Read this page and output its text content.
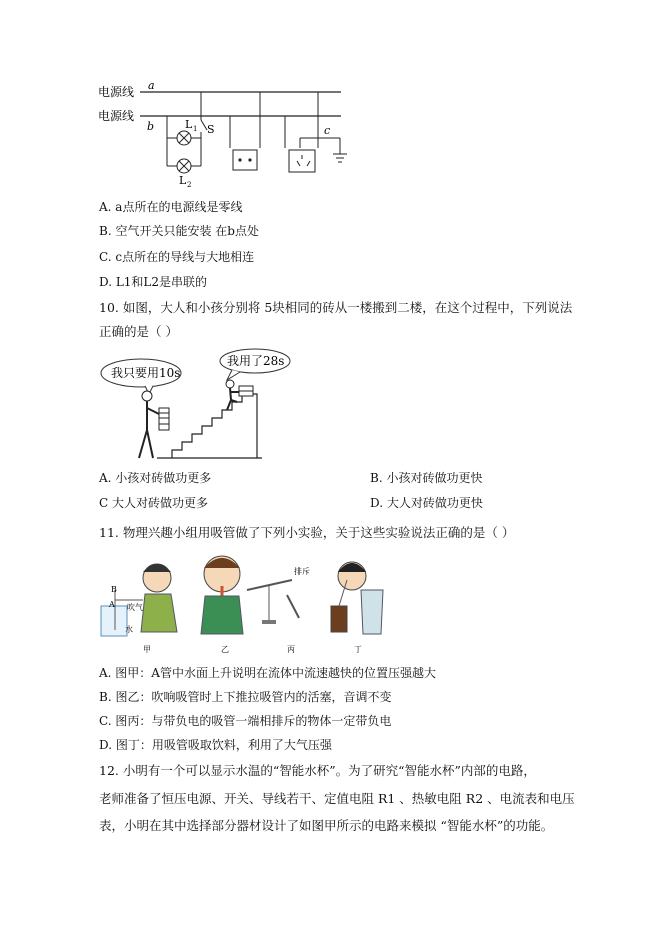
电源线
电源线
a
b	L 1 S
L 2
c
A. a点所在的电源线是零线
B. 空气开关只能安装 在b点处
C. c点所在的导线与大地相连
D. L1和L2是串联的
10. 如图，大人和小孩分别将 5块相同的砖从一楼搬到二楼，在这个过程中，下列说法
正确的是（ ）
我只要用10s
我用了28s
A. 小孩对砖做功更多	B. 小孩对砖做功更快
C 大人对砖做功更多	D. 大人对砖做功更快
11. 物理兴趣小组用吸管做了下列小实验，关于这些实验说法正确的是（ ）
B
A 吹气
水
甲	乙
排斥
丙	丁
A. 图甲：A管中水面上升说明在流体中流速越快的位置压强越大
B. 图乙：吹响吸管时上下推拉吸管内的活塞，音调不变
C. 图丙：与带负电的吸管一端相排斥的物体一定带负电
D. 图丁：用吸管吸取饮料，利用了大气压强
12. 小明有一个可以显示水温的“智能水杯”。为了研究“智能水杯”内部的电路，
老师准备了恒压电源、开关、导线若干、定值电阻 R1 、热敏电阻 R2 、电流表和电压
表，小明在其中选择部分器材设计了如图甲所示的电路来模拟 “智能水杯”的功能。
